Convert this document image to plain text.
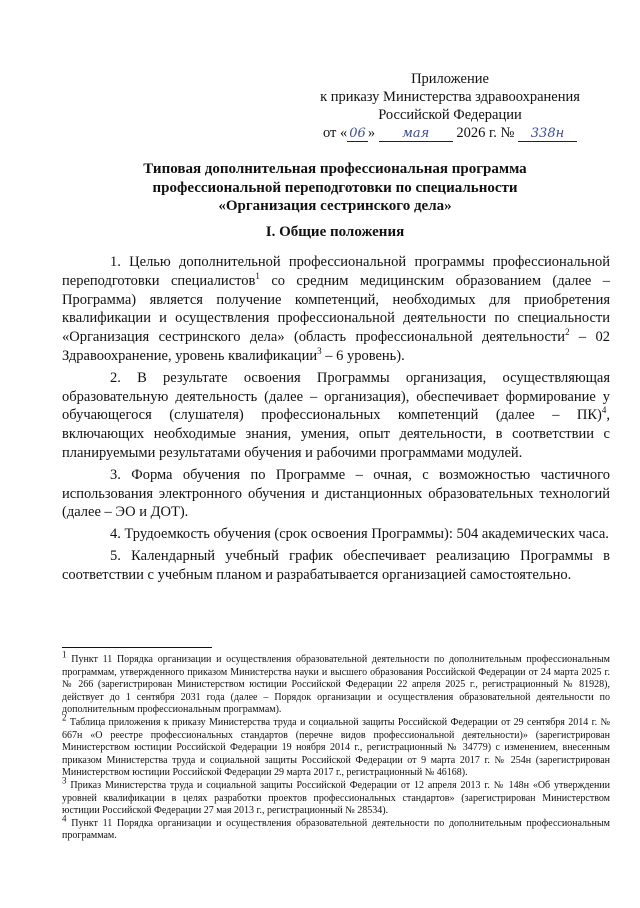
Приложение
к приказу Министерства здравоохранения
Российской Федерации
от « 06 » мая 2026 г. № 338н
Типовая дополнительная профессиональная программа
профессиональной переподготовки по специальности
«Организация сестринского дела»
I. Общие положения

1. Целью дополнительной профессиональной программы профессиональной переподготовки специалистов$^1$ со средним медицинским образованием (далее – Программа) является получение компетенций, необходимых для приобретения квалификации и осуществления профессиональной деятельности по специальности «Организация сестринского дела» (область профессиональной деятельности$^2$ – 02 Здравоохранение, уровень квалификации$^3$ – 6 уровень).

2. В результате освоения Программы организация, осуществляющая образовательную деятельность (далее – организация), обеспечивает формирование у обучающегося (слушателя) профессиональных компетенций (далее – ПК)$^4$, включающих необходимые знания, умения, опыт деятельности, в соответствии с планируемыми результатами обучения и рабочими программами модулей.

3. Форма обучения по Программе – очная, с возможностью частичного использования электронного обучения и дистанционных образовательных технологий (далее – ЭО и ДОТ).

4. Трудоемкость обучения (срок освоения Программы): 504 академических часа.

5. Календарный учебный график обеспечивает реализацию Программы в соответствии с учебным планом и разрабатывается организацией самостоятельно.

$^1$ Пункт 11 Порядка организации и осуществления образовательной деятельности по дополнительным профессиональным программам, утвержденного приказом Министерства науки и высшего образования Российской Федерации от 24 марта 2025 г. № 266 (зарегистрирован Министерством юстиции Российской Федерации 22 апреля 2025 г., регистрационный № 81928), действует до 1 сентября 2031 года (далее – Порядок организации и осуществления образовательной деятельности по дополнительным профессиональным программам).

$^2$ Таблица приложения к приказу Министерства труда и социальной защиты Российской Федерации от 29 сентября 2014 г. № 667н «О реестре профессиональных стандартов (перечне видов профессиональной деятельности)» (зарегистрирован Министерством юстиции Российской Федерации 19 ноября 2014 г., регистрационный № 34779) с изменением, внесенным приказом Министерства труда и социальной защиты Российской Федерации от 9 марта 2017 г. № 254н (зарегистрирован Министерством юстиции Российской Федерации 29 марта 2017 г., регистрационный № 46168).

$^3$ Приказ Министерства труда и социальной защиты Российской Федерации от 12 апреля 2013 г. № 148н «Об утверждении уровней квалификации в целях разработки проектов профессиональных стандартов» (зарегистрирован Министерством юстиции Российской Федерации 27 мая 2013 г., регистрационный № 28534).

$^4$ Пункт 11 Порядка организации и осуществления образовательной деятельности по дополнительным профессиональным программам.
